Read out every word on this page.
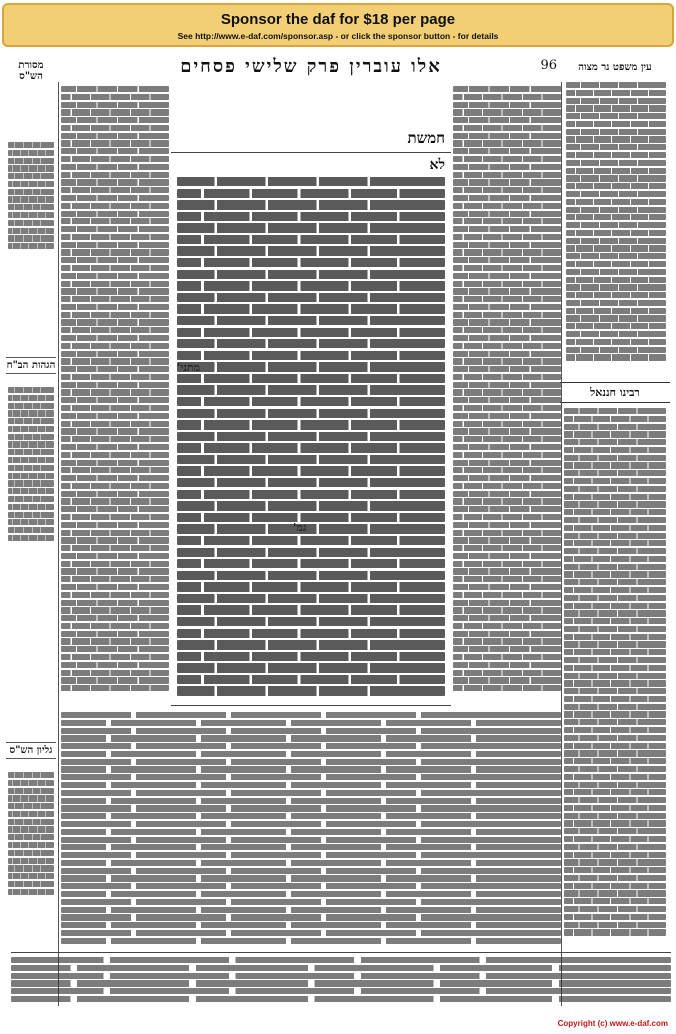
Sponsor the daf for $18 per page
See http://www.e-daf.com/sponsor.asp - or click the sponsor button - for details
עין משפט נר מצוה
רבינו חננאל
מסורת הש"ס
הגהות הב"ח
גליון הש"ס
96
אלו עוברין פרק שלישי פסחים
חמשת
לא
Copyright (c) www.e-daf.com
